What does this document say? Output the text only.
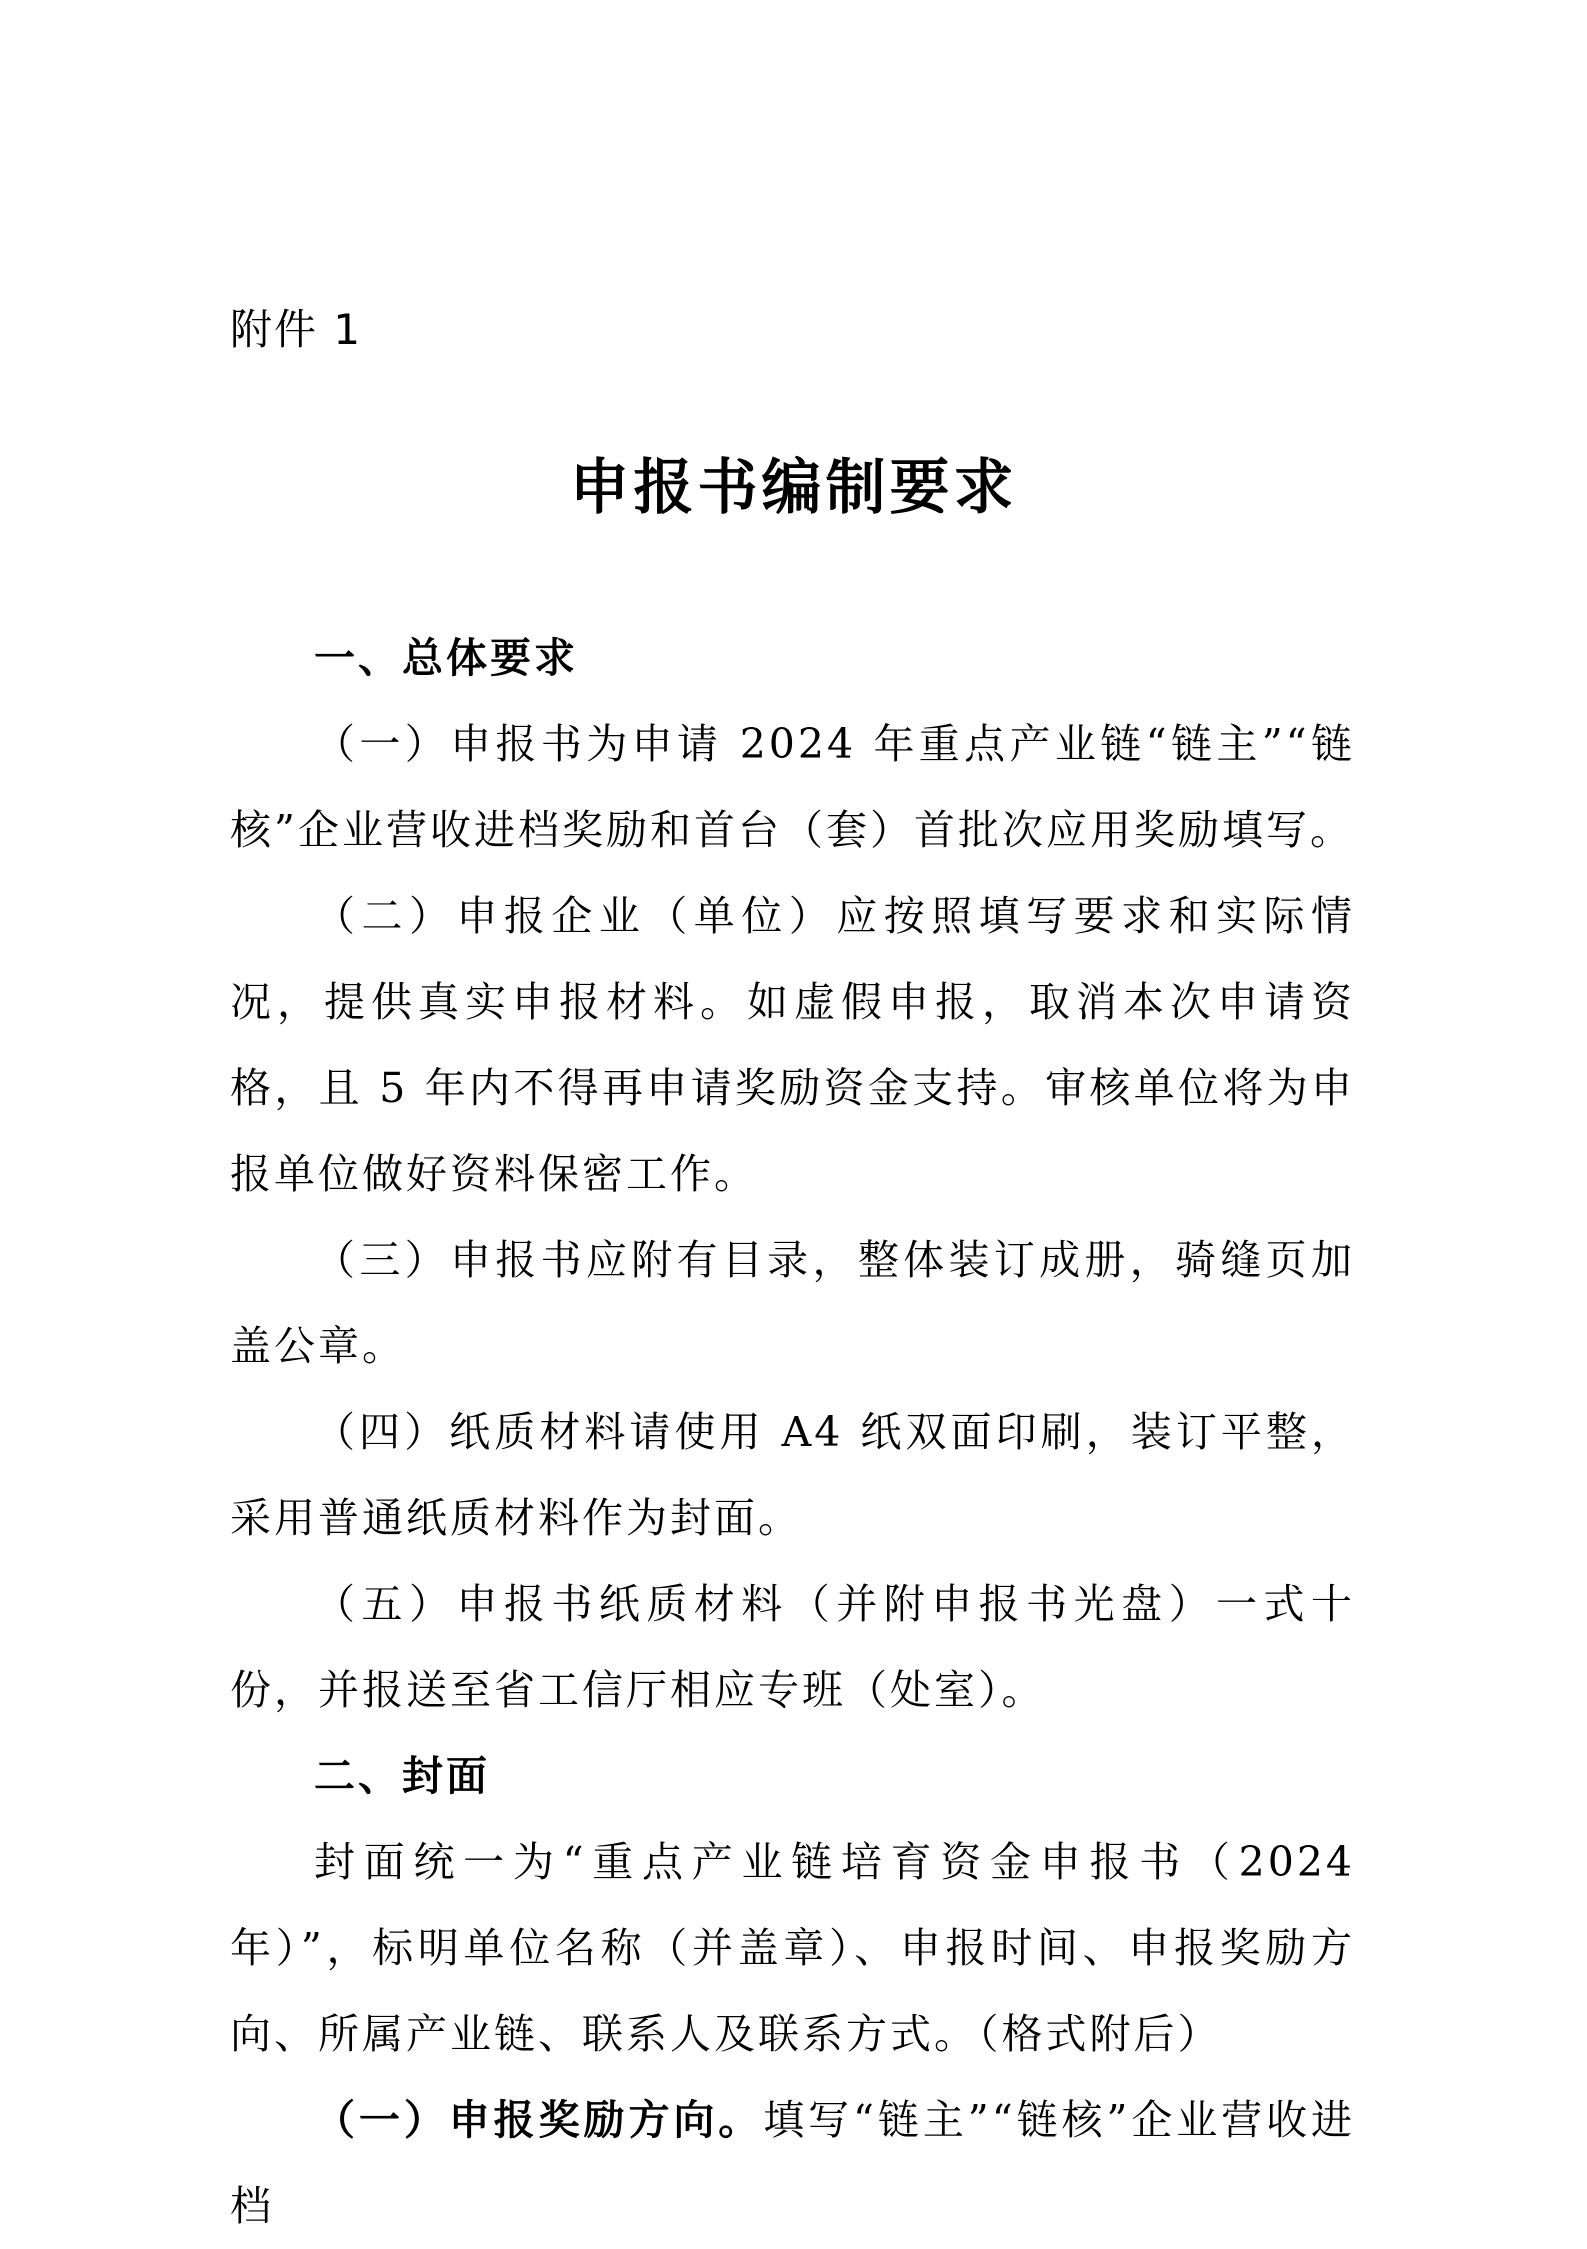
附件 1
申报书编制要求

一、总体要求

（一）申报书为申请 2024 年重点产业链“链主”“链核”企业营收进档奖励和首台（套）首批次应用奖励填写。

（二）申报企业（单位）应按照填写要求和实际情况，提供真实申报材料。如虚假申报，取消本次申请资格，且 5 年内不得再申请奖励资金支持。审核单位将为申报单位做好资料保密工作。

（三）申报书应附有目录，整体装订成册，骑缝页加盖公章。

（四）纸质材料请使用 A4 纸双面印刷，装订平整，采用普通纸质材料作为封面。

（五）申报书纸质材料（并附申报书光盘）一式十份，并报送至省工信厅相应专班（处室）。

二、封面

封面统一为“重点产业链培育资金申报书（2024 年）”，标明单位名称（并盖章）、申报时间、申报奖励方向、所属产业链、联系人及联系方式。（格式附后）

（一）申报奖励方向。填写“链主”“链核”企业营收进档
